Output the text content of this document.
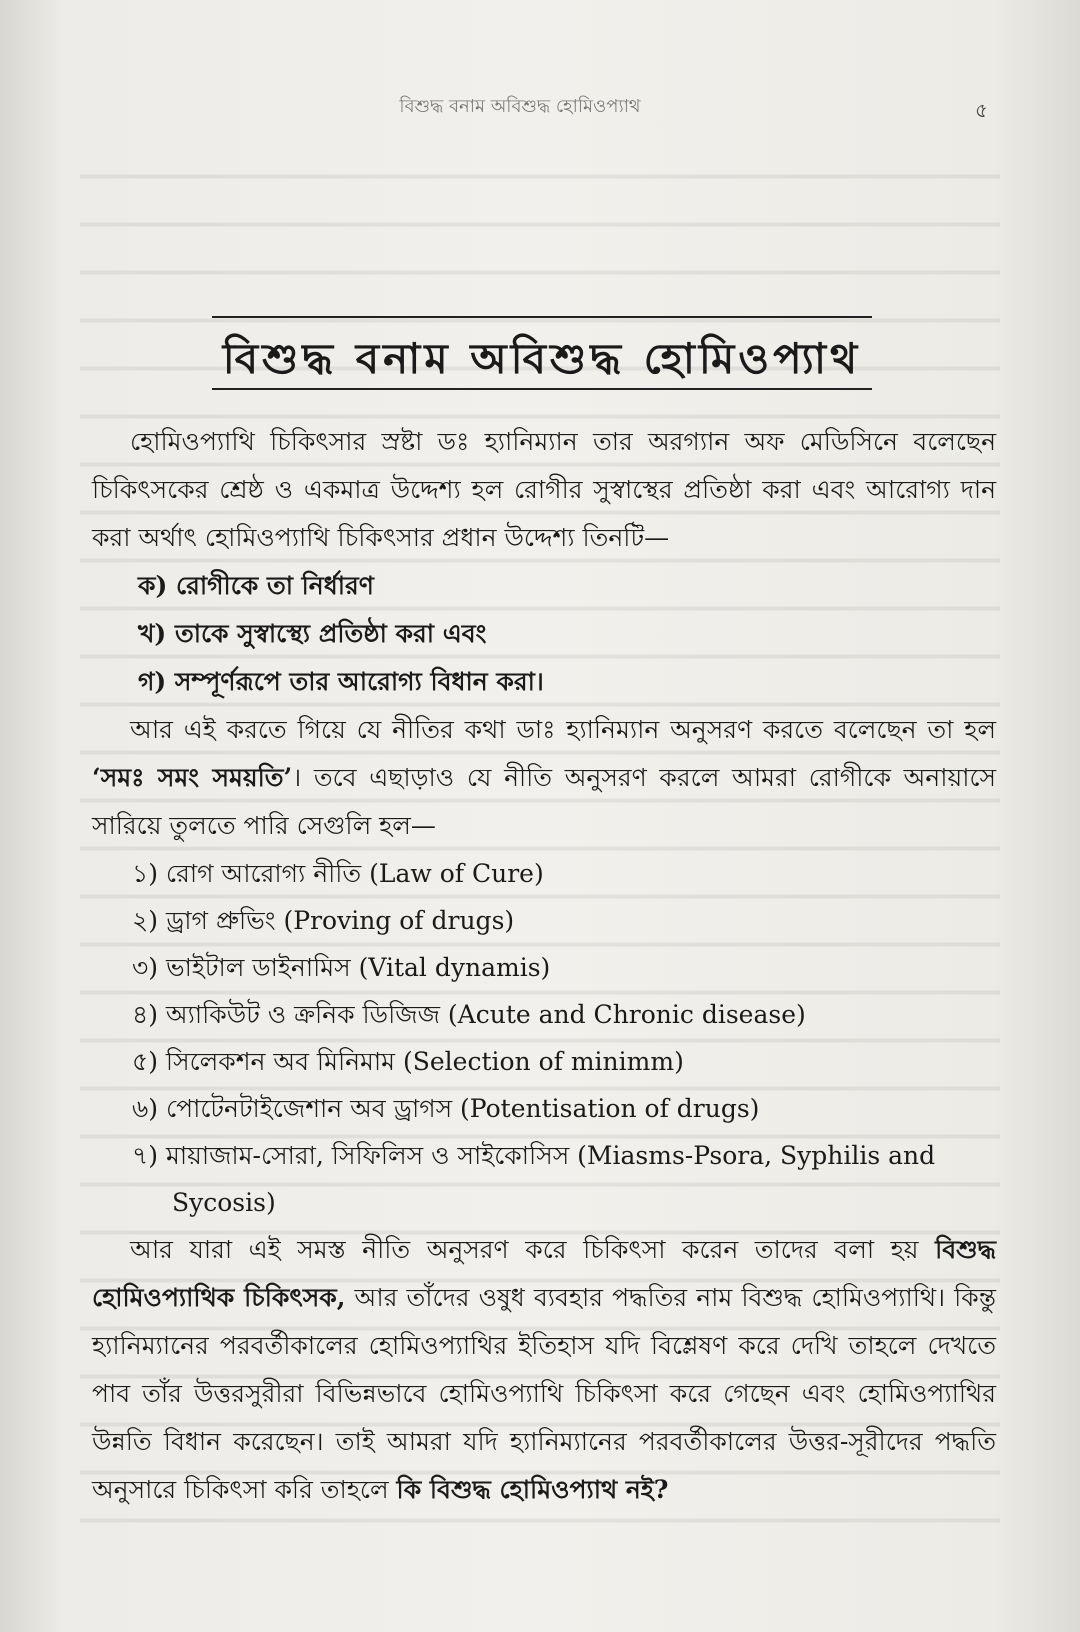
বিশুদ্ধ বনাম অবিশুদ্ধ হোমিওপ্যাথ	৫
বিশুদ্ধ বনাম অবিশুদ্ধ হোমিওপ্যাথ

হোমিওপ্যাথি চিকিৎসার স্রষ্টা ডঃ হ্যানিম্যান তার অরগ্যান অফ মেডিসিনে বলেছেন চিকিৎসকের শ্রেষ্ঠ ও একমাত্র উদ্দেশ্য হল রোগীর সুস্বাস্থের প্রতিষ্ঠা করা এবং আরোগ্য দান করা অর্থাৎ হোমিওপ্যাথি চিকিৎসার প্রধান উদ্দেশ্য তিনটি—

ক) রোগীকে তা নির্ধারণ
খ) তাকে সুস্বাস্থ্যে প্রতিষ্ঠা করা এবং
গ) সম্পূর্ণরূপে তার আরোগ্য বিধান করা।

আর এই করতে গিয়ে যে নীতির কথা ডাঃ হ্যানিম্যান অনুসরণ করতে বলেছেন তা হল ‘সমঃ সমং সময়তি’। তবে এছাড়াও যে নীতি অনুসরণ করলে আমরা রোগীকে অনায়াসে সারিয়ে তুলতে পারি সেগুলি হল—

১) রোগ আরোগ্য নীতি (Law of Cure)
২) ড্রাগ প্রুভিং (Proving of drugs)
৩) ভাইটাল ডাইনামিস (Vital dynamis)
৪) অ্যাকিউট ও ক্রনিক ডিজিজ (Acute and Chronic disease)
৫) সিলেকশন অব মিনিমাম (Selection of minimm)
৬) পোটেনটাইজেশান অব ড্রাগস (Potentisation of drugs)
৭) মায়াজাম-সোরা, সিফিলিস ও সাইকোসিস (Miasms-Psora, Syphilis and
Sycosis)

আর যারা এই সমস্ত নীতি অনুসরণ করে চিকিৎসা করেন তাদের বলা হয় বিশুদ্ধ হোমিওপ্যাথিক চিকিৎসক, আর তাঁদের ওষুধ ব্যবহার পদ্ধতির নাম বিশুদ্ধ হোমিওপ্যাথি। কিন্তু হ্যানিম্যানের পরবর্তীকালের হোমিওপ্যাথির ইতিহাস যদি বিশ্লেষণ করে দেখি তাহলে দেখতে পাব তাঁর উত্তরসুরীরা বিভিন্নভাবে হোমিওপ্যাথি চিকিৎসা করে গেছেন এবং হোমিওপ্যাথির উন্নতি বিধান করেছেন। তাই আমরা যদি হ্যানিম্যানের পরবর্তীকালের উত্তর-সূরীদের পদ্ধতি অনুসারে চিকিৎসা করি তাহলে কি বিশুদ্ধ হোমিওপ্যাথ নই?
